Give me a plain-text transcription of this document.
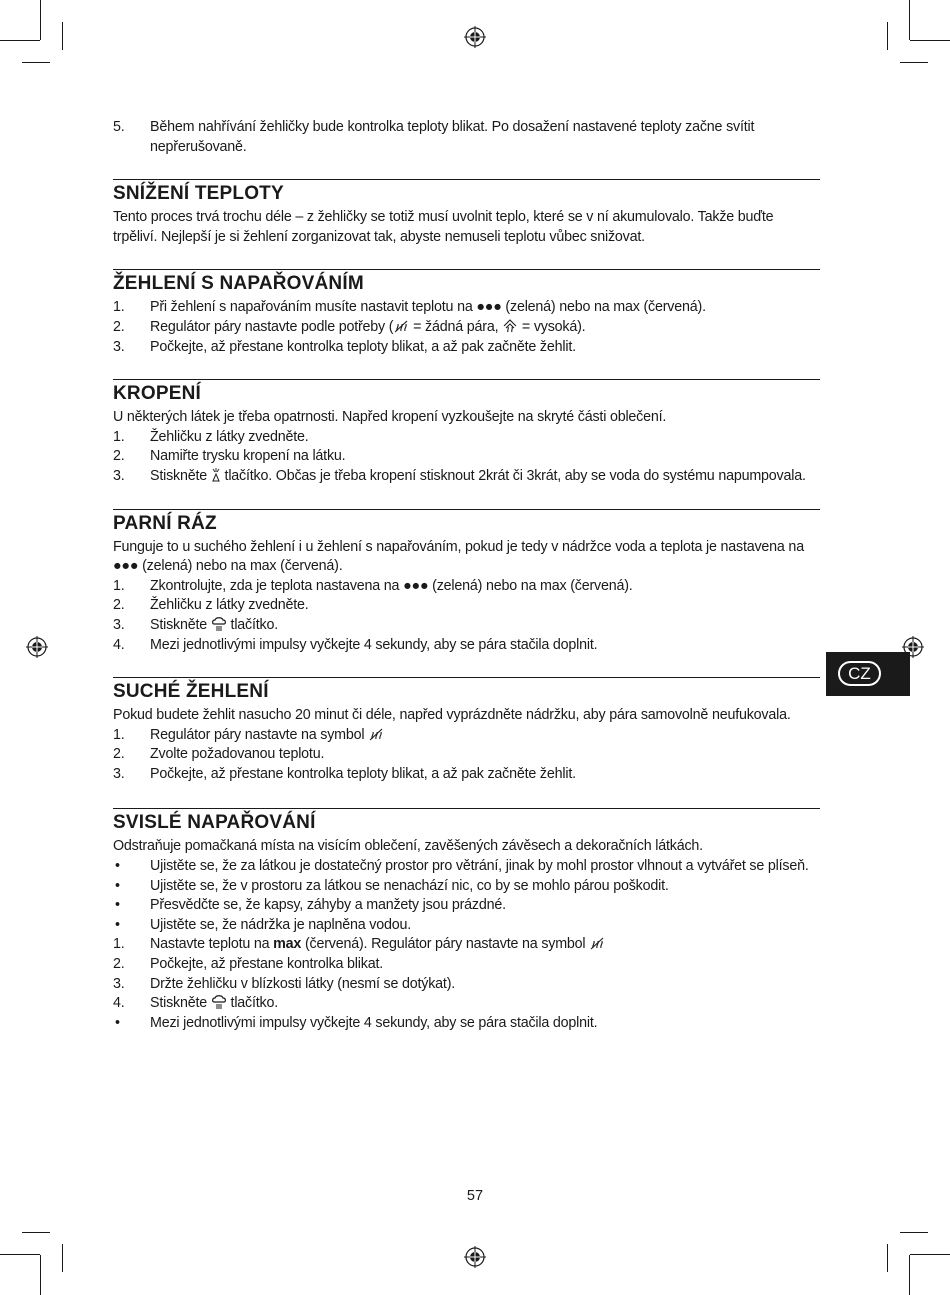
CZ
5. Během nahřívání žehličky bude kontrolka teploty blikat. Po dosažení nastavené teploty začne svítit nepřerušovaně.
SNÍŽENÍ TEPLOTY

Tento proces trvá trochu déle – z žehličky se totiž musí uvolnit teplo, které se v ní akumulovalo. Takže buďte trpěliví. Nejlepší je si žehlení zorganizovat tak, abyste nemuseli teplotu vůbec snižovat.

ŽEHLENÍ S NAPAŘOVÁNÍM
1. Při žehlení s napařováním musíte nastavit teplotu na ●●● (zelená) nebo na max (červená).
2. Regulátor páry nastavte podle potřeby ( = žádná pára,  = vysoká).
3. Počkejte, až přestane kontrolka teploty blikat, a až pak začněte žehlit.
KROPENÍ

U některých látek je třeba opatrnosti. Napřed kropení vyzkoušejte na skryté části oblečení.

1. Žehličku z látky zvedněte.
2. Namiřte trysku kropení na látku.
3. Stiskněte  tlačítko. Občas je třeba kropení stisknout 2krát či 3krát, aby se voda do systému napumpovala.
PARNÍ RÁZ

Funguje to u suchého žehlení i u žehlení s napařováním, pokud je tedy v nádržce voda a teplota je nastavena na ●●● (zelená) nebo na max (červená).

1. Zkontrolujte, zda je teplota nastavena na ●●● (zelená) nebo na max (červená).
2. Žehličku z látky zvedněte.
3. Stiskněte  tlačítko.
4. Mezi jednotlivými impulsy vyčkejte 4 sekundy, aby se pára stačila doplnit.
SUCHÉ ŽEHLENÍ

Pokud budete žehlit nasucho 20 minut či déle, napřed vyprázdněte nádržku, aby pára samovolně neufukovala.

1. Regulátor páry nastavte na symbol
2. Zvolte požadovanou teplotu.
3. Počkejte, až přestane kontrolka teploty blikat, a až pak začněte žehlit.
SVISLÉ NAPAŘOVÁNÍ

Odstraňuje pomačkaná místa na visícím oblečení, zavěšených závěsech a dekoračních látkách.

• Ujistěte se, že za látkou je dostatečný prostor pro větrání, jinak by mohl prostor vlhnout a vytvářet se plíseň.
• Ujistěte se, že v prostoru za látkou se nenachází nic, co by se mohlo párou poškodit.
• Přesvědčte se, že kapsy, záhyby a manžety jsou prázdné.
• Ujistěte se, že nádržka je naplněna vodou.
1. Nastavte teplotu na max (červená). Regulátor páry nastavte na symbol
2. Počkejte, až přestane kontrolka blikat.
3. Držte žehličku v blízkosti látky (nesmí se dotýkat).
4. Stiskněte  tlačítko.
• Mezi jednotlivými impulsy vyčkejte 4 sekundy, aby se pára stačila doplnit.
57
